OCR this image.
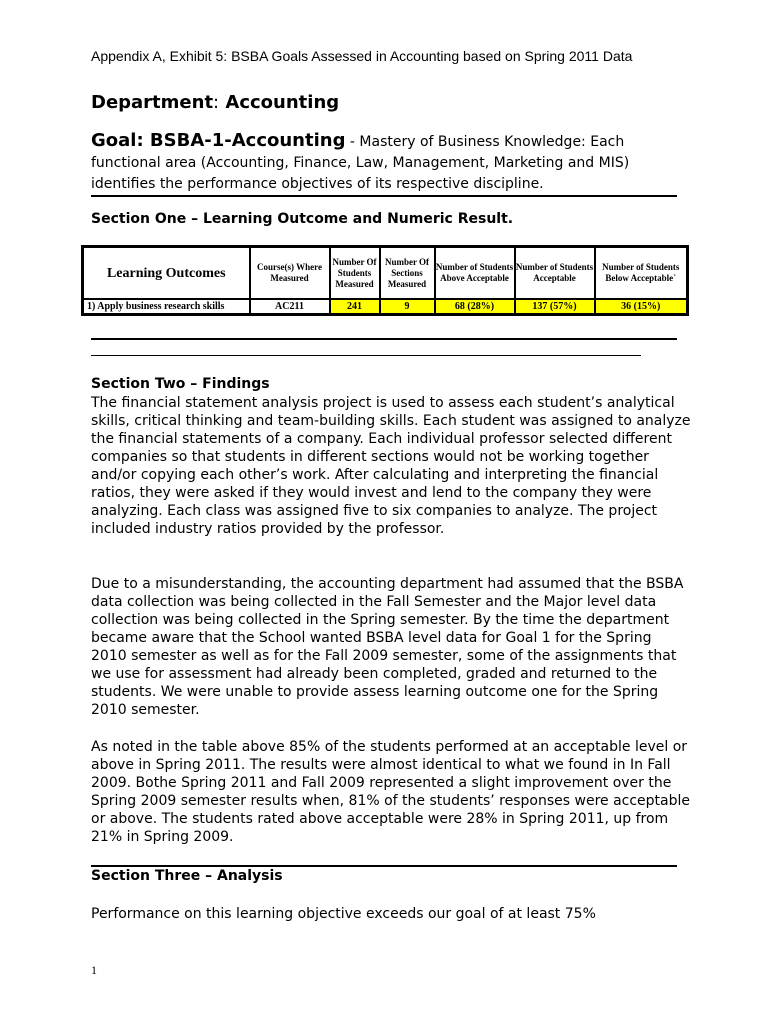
Appendix A, Exhibit 5: BSBA Goals Assessed in Accounting based on Spring 2011 Data
Department: Accounting
Goal: BSBA-1-Accounting - Mastery of Business Knowledge: Each functional area (Accounting, Finance, Law, Management, Marketing and MIS) identifies the performance objectives of its respective discipline.
Section One – Learning Outcome and Numeric Result.
Learning Outcomes	Course(s) Where Measured	Number Of Students Measured	Number Of Sections Measured	Number of Students Above Acceptable	Number of Students Acceptable	Number of Students Below Acceptable`
1) Apply business research skills	AC211	241	9	68 (28%)	137 (57%)	36 (15%)
Section Two – Findings

The financial statement analysis project is used to assess each student’s analytical skills, critical thinking and team-building skills. Each student was assigned to analyze the financial statements of a company. Each individual professor selected different companies so that students in different sections would not be working together and/or copying each other’s work. After calculating and interpreting the financial ratios, they were asked if they would invest and lend to the company they were analyzing. Each class was assigned five to six companies to analyze. The project included industry ratios provided by the professor.

Due to a misunderstanding, the accounting department had assumed that the BSBA data collection was being collected in the Fall Semester and the Major level data collection was being collected in the Spring semester. By the time the department became aware that the School wanted BSBA level data for Goal 1 for the Spring 2010 semester as well as for the Fall 2009 semester, some of the assignments that we use for assessment had already been completed, graded and returned to the students. We were unable to provide assess learning outcome one for the Spring 2010 semester.

As noted in the table above 85% of the students performed at an acceptable level or above in Spring 2011. The results were almost identical to what we found in In Fall 2009. Bothe Spring 2011 and Fall 2009 represented a slight improvement over the Spring 2009 semester results when, 81% of the students’ responses were acceptable or above. The students rated above acceptable were 28% in Spring 2011, up from 21% in Spring 2009.

Section Three – Analysis
Performance on this learning objective exceeds our goal of at least 75%
1
